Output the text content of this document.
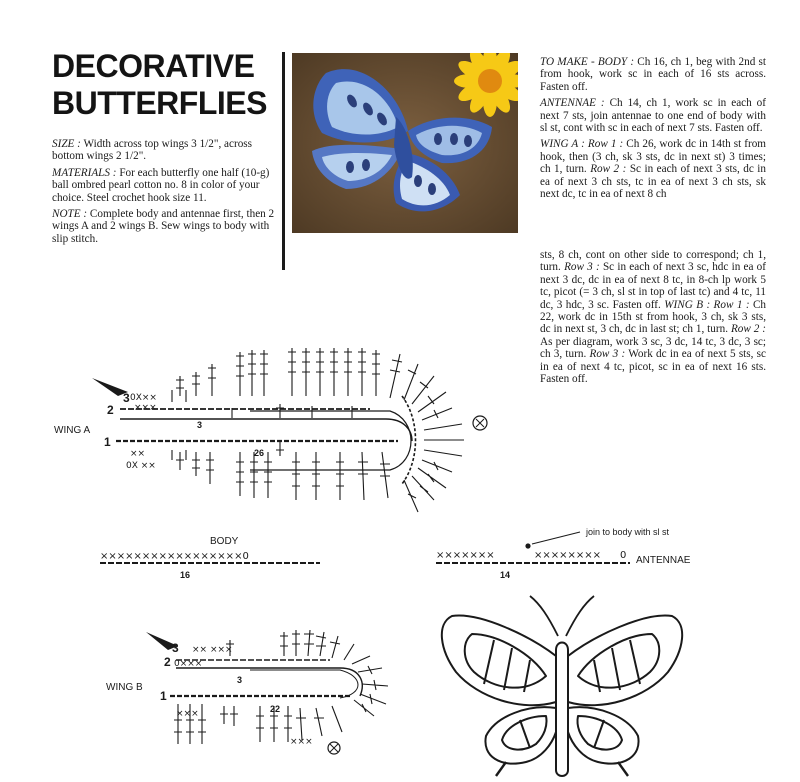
DECORATIVE
BUTTERFLIES

SIZE : Width across top wings 3 1/2", across bottom wings 2 1/2".

MATERIALS : For each butterfly one half (10-g) ball ombred pearl cotton no. 8 in color of your choice. Steel crochet hook size 11.

NOTE : Complete body and antennae first, then 2 wings A and 2 wings B. Sew wings to body with slip stitch.

TO MAKE - BODY : Ch 16, ch 1, beg with 2nd st from hook, work sc in each of 16 sts across. Fasten off.

ANTENNAE : Ch 14, ch 1, work sc in each of next 7 sts, join antennae to one end of body with sl st, cont with sc in each of next 7 sts. Fasten off.

WING A : Row 1 : Ch 26, work dc in 14th st from hook, then (3 ch, sk 3 sts, dc in next st) 3 times; ch 1, turn. Row 2 : Sc in each of next 3 sts, dc in ea of next 3 ch sts, tc in ea of next 3 ch sts, sk next dc, tc in ea of next 8 ch

sts, 8 ch, cont on other side to correspond; ch 1, turn. Row 3 : Sc in each of next 3 sc, hdc in ea of next 3 dc, dc in ea of next 8 tc, in 8-ch lp work 5 tc, picot (= 3 ch, sl st in top of last tc) and 4 tc, 11 dc, 3 hdc, 3 sc. Fasten off. WING B : Row 1 : Ch 22, work dc in 15th st from hook, 3 ch, sk 3 sts, dc in next st, 3 ch, dc in last st; ch 1, turn. Row 2 : As per diagram, work 3 sc, 3 dc, 14 tc, 3 dc, 3 sc; ch 3, turn. Row 3 : Work dc in ea of next 5 sts, sc in ea of next 4 tc, picot, sc in ea of next 16 sts. Fasten off.

WING A
3
2
1
0X××
×××
××
0X ××
3
26
BODY
×××××××××××××××××0
16
join to body with sl st
×××××××	×××××××× 0 ANTENNAE
14
WING B
3
2
1
×× ×××
0×××
×××
×××
3
22
